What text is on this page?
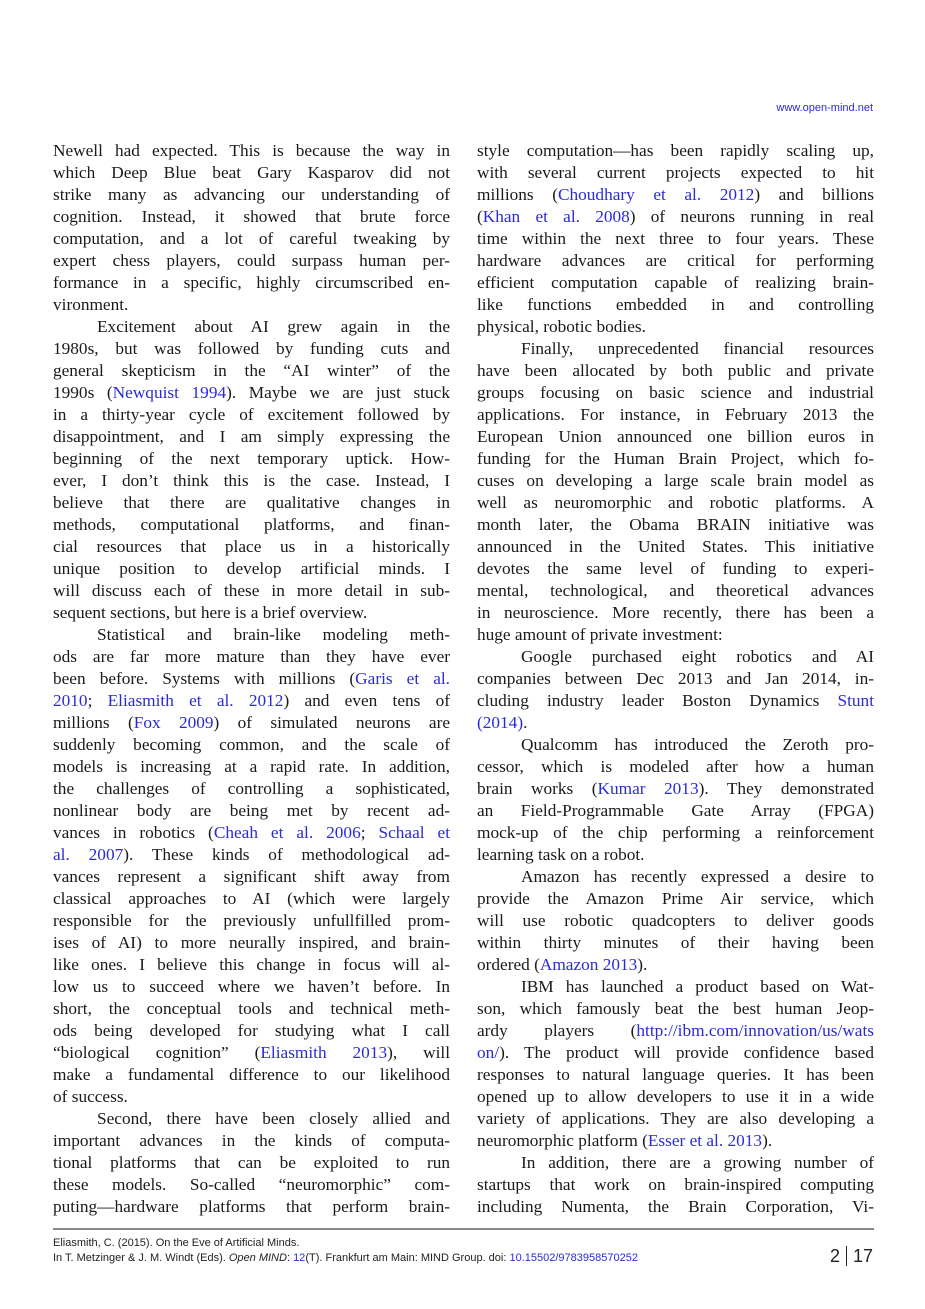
www.open-mind.net
Newell had expected. This is because the way in
which Deep Blue beat Gary Kasparov did not
strike many as advancing our understanding of
cognition. Instead, it showed that brute force
computation, and a lot of careful tweaking by
expert chess players, could surpass human per-
formance in a specific, highly circumscribed en-
vironment.
Excitement about AI grew again in the
1980s, but was followed by funding cuts and
general skepticism in the “AI winter” of the
1990s (Newquist 1994). Maybe we are just stuck
in a thirty-year cycle of excitement followed by
disappointment, and I am simply expressing the
beginning of the next temporary uptick. How-
ever, I don’t think this is the case. Instead, I
believe that there are qualitative changes in
methods, computational platforms, and finan-
cial resources that place us in a historically
unique position to develop artificial minds. I
will discuss each of these in more detail in sub-
sequent sections, but here is a brief overview.
Statistical and brain-like modeling meth-
ods are far more mature than they have ever
been before. Systems with millions (Garis et al.
2010; Eliasmith et al. 2012) and even tens of
millions (Fox 2009) of simulated neurons are
suddenly becoming common, and the scale of
models is increasing at a rapid rate. In addition,
the challenges of controlling a sophisticated,
nonlinear body are being met by recent ad-
vances in robotics (Cheah et al. 2006; Schaal et
al. 2007). These kinds of methodological ad-
vances represent a significant shift away from
classical approaches to AI (which were largely
responsible for the previously unfullfilled prom-
ises of AI) to more neurally inspired, and brain-
like ones. I believe this change in focus will al-
low us to succeed where we haven’t before. In
short, the conceptual tools and technical meth-
ods being developed for studying what I call
“biological cognition” (Eliasmith 2013), will
make a fundamental difference to our likelihood
of success.
Second, there have been closely allied and
important advances in the kinds of computa-
tional platforms that can be exploited to run
these models. So-called “neuromorphic” com-
puting—hardware platforms that perform brain-
style computation—has been rapidly scaling up,
with several current projects expected to hit
millions (Choudhary et al. 2012) and billions
(Khan et al. 2008) of neurons running in real
time within the next three to four years. These
hardware advances are critical for performing
efficient computation capable of realizing brain-
like functions embedded in and controlling
physical, robotic bodies.
Finally, unprecedented financial resources
have been allocated by both public and private
groups focusing on basic science and industrial
applications. For instance, in February 2013 the
European Union announced one billion euros in
funding for the Human Brain Project, which fo-
cuses on developing a large scale brain model as
well as neuromorphic and robotic platforms. A
month later, the Obama BRAIN initiative was
announced in the United States. This initiative
devotes the same level of funding to experi-
mental, technological, and theoretical advances
in neuroscience. More recently, there has been a
huge amount of private investment:
Google purchased eight robotics and AI
companies between Dec 2013 and Jan 2014, in-
cluding industry leader Boston Dynamics Stunt
(2014).
Qualcomm has introduced the Zeroth pro-
cessor, which is modeled after how a human
brain works (Kumar 2013). They demonstrated
an Field-Programmable Gate Array (FPGA)
mock-up of the chip performing a reinforcement
learning task on a robot.
Amazon has recently expressed a desire to
provide the Amazon Prime Air service, which
will use robotic quadcopters to deliver goods
within thirty minutes of their having been
ordered (Amazon 2013).
IBM has launched a product based on Wat-
son, which famously beat the best human Jeop-
ardy players (http://ibm.com/innovation/us/wats
on/). The product will provide confidence based
responses to natural language queries. It has been
opened up to allow developers to use it in a wide
variety of applications. They are also developing a
neuromorphic platform (Esser et al. 2013).
In addition, there are a growing number of
startups that work on brain-inspired computing
including Numenta, the Brain Corporation, Vi-
Eliasmith, C. (2015). On the Eve of Artificial Minds.
In T. Metzinger & J. M. Windt (Eds). Open MIND: 12(T). Frankfurt am Main: MIND Group. doi: 10.15502/9783958570252	2 17
